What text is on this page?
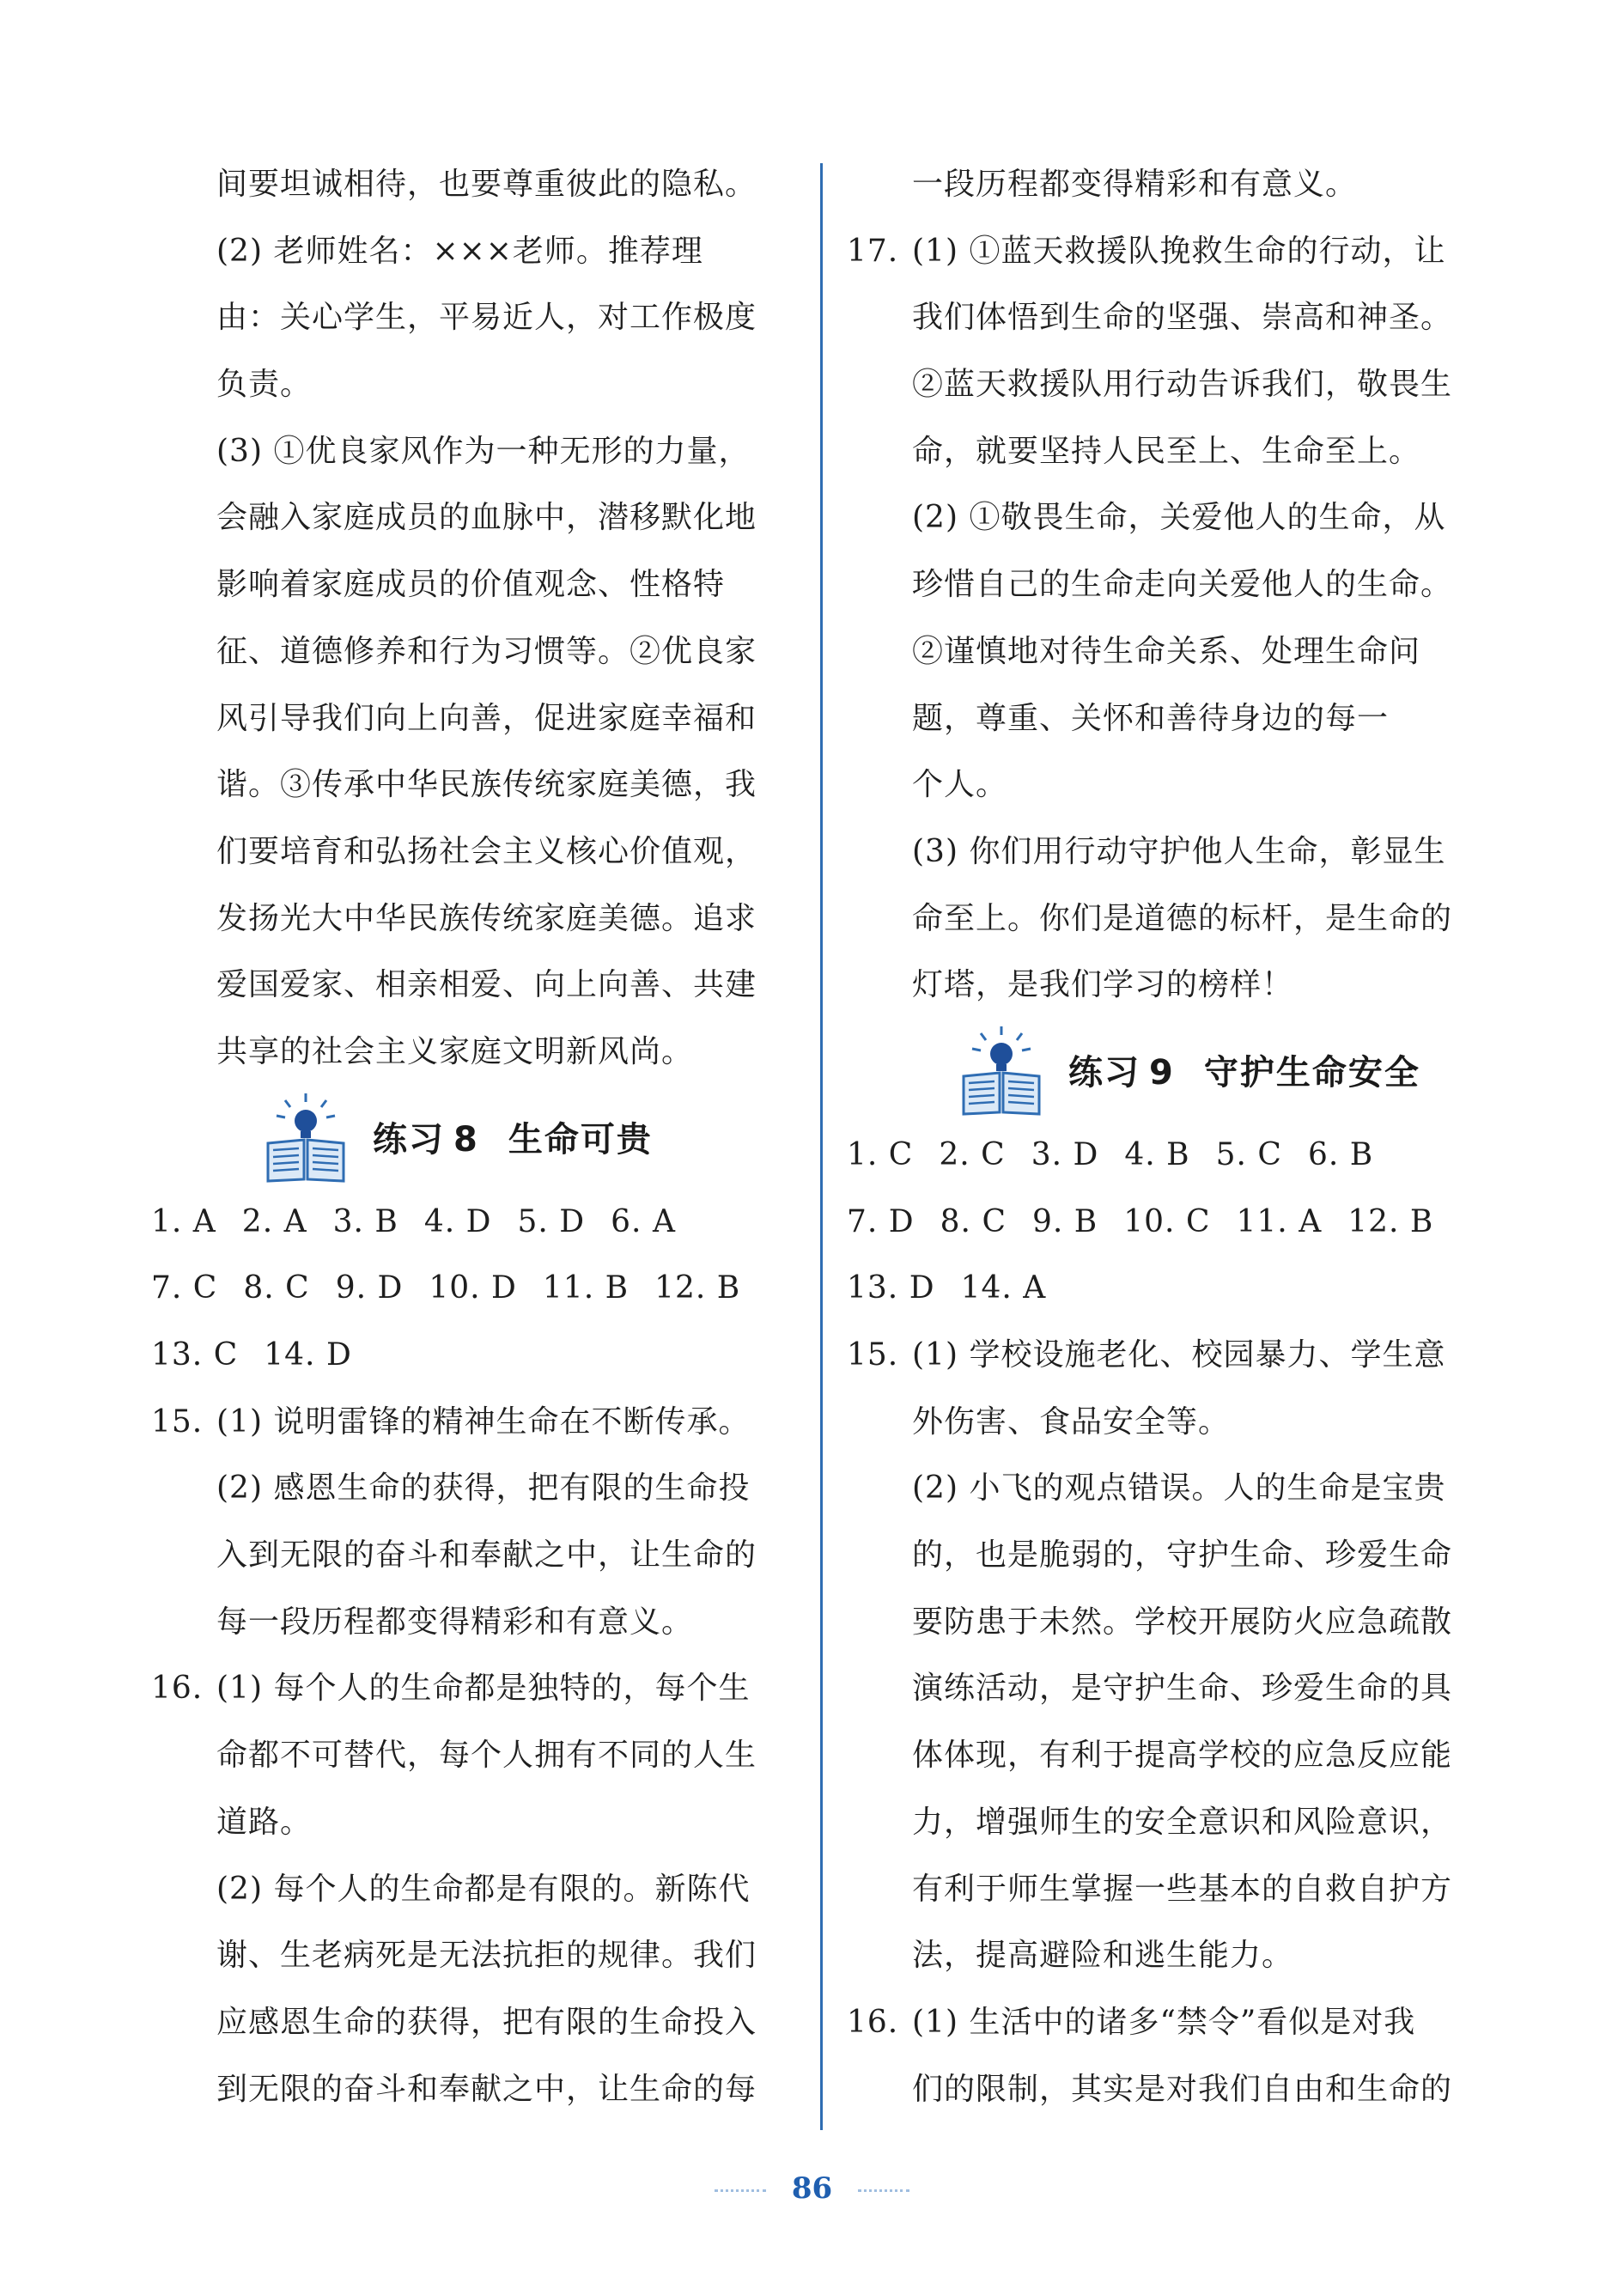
间要坦诚相待，也要尊重彼此的隐私。
(2) 老师姓名：×××老师。推荐理
由：关心学生，平易近人，对工作极度
负责。
(3) ①优良家风作为一种无形的力量，
会融入家庭成员的血脉中，潜移默化地
影响着家庭成员的价值观念、性格特
征、道德修养和行为习惯等。②优良家
风引导我们向上向善，促进家庭幸福和
谐。③传承中华民族传统家庭美德，我
们要培育和弘扬社会主义核心价值观，
发扬光大中华民族传统家庭美德。追求
爱国爱家、相亲相爱、向上向善、共建
共享的社会主义家庭文明新风尚。
练习 8 生命可贵
1. A 2. A 3. B 4. D 5. D 6. A
7. C 8. C 9. D 10. D 11. B 12. B
13. C 14. D
15. (1) 说明雷锋的精神生命在不断传承。
(2) 感恩生命的获得，把有限的生命投
入到无限的奋斗和奉献之中，让生命的
每一段历程都变得精彩和有意义。
16. (1) 每个人的生命都是独特的，每个生
命都不可替代，每个人拥有不同的人生
道路。
(2) 每个人的生命都是有限的。新陈代
谢、生老病死是无法抗拒的规律。我们
应感恩生命的获得，把有限的生命投入
到无限的奋斗和奉献之中，让生命的每
一段历程都变得精彩和有意义。
17. (1) ①蓝天救援队挽救生命的行动，让
我们体悟到生命的坚强、崇高和神圣。
②蓝天救援队用行动告诉我们，敬畏生
命，就要坚持人民至上、生命至上。
(2) ①敬畏生命，关爱他人的生命，从
珍惜自己的生命走向关爱他人的生命。
②谨慎地对待生命关系、处理生命问
题，尊重、关怀和善待身边的每一
个人。
(3) 你们用行动守护他人生命，彰显生
命至上。你们是道德的标杆，是生命的
灯塔，是我们学习的榜样！
练习 9 守护生命安全
1. C 2. C 3. D 4. B 5. C 6. B
7. D 8. C 9. B 10. C 11. A 12. B
13. D 14. A
15. (1) 学校设施老化、校园暴力、学生意
外伤害、食品安全等。
(2) 小飞的观点错误。人的生命是宝贵
的，也是脆弱的，守护生命、珍爱生命
要防患于未然。学校开展防火应急疏散
演练活动，是守护生命、珍爱生命的具
体体现，有利于提高学校的应急反应能
力，增强师生的安全意识和风险意识，
有利于师生掌握一些基本的自救自护方
法，提高避险和逃生能力。
16. (1) 生活中的诸多“禁令”看似是对我
们的限制，其实是对我们自由和生命的
86
